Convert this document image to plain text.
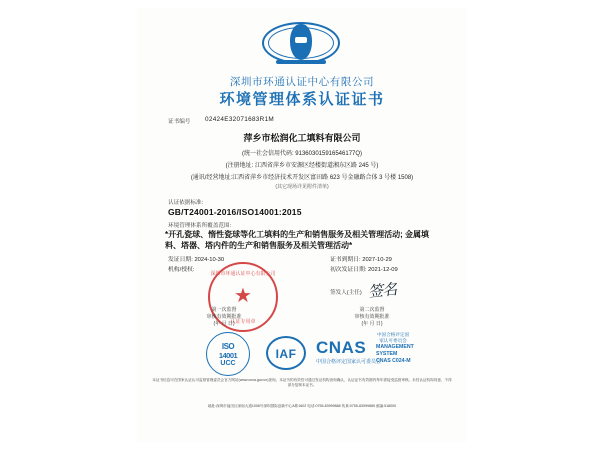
深圳市环通认证中心有限公司
环境管理体系认证证书
证书编号 02424E32071683R1M
萍乡市松润化工填料有限公司
(统一社会信用代码: 913603015916546177Q)
(注册地址: 江西省萍乡市安源区经楼街道湘东区路 245 号)
(通讯/经营地址:江西省萍乡市经济技术开发区富田路 623 号金融路合体 3 号楼 1508)
(其它现场详见附件清单)
认证依据标准:
GB/T24001-2016/ISO14001:2015
环境管理体系所覆盖范围:
*开孔瓷球、惰性瓷球等化工填料的生产和销售服务及相关管理活动; 金属填料、塔器、塔内件的生产和销售服务及相关管理活动*
发证日期: 2024-10-30
机构/授权:
证书到期日: 2027-10-29
初次发证日期: 2021-12-09
签发人(主任) 签名
深圳市环通认证中心有限公司
★
认证专用章
第一次监督
审核有效期批准
(年 月 日)
第二次监督
审核有效期批准
(年 月 日)
ISO
14001
UCC
IAF	CNAS
中国合格评定国家认可委员会
中国合格评定国家认可委员会
MANAGEMENT SYSTEM
CNAS C024-M
本证书信息可在国家认证认可监督管理委员会官方网站(www.cnca.gov.cn)查询。本证书的有效性可通过发证机构查询确认，认证证书有效期内每年需接受监督审核。未经认证机构同意，不得部分复制本证书。
地址:深圳市福田区深南大道1006号深圳国际创新中心A栋1602 电话:0755-83999888 传真:0755-83999889 邮编:518000
